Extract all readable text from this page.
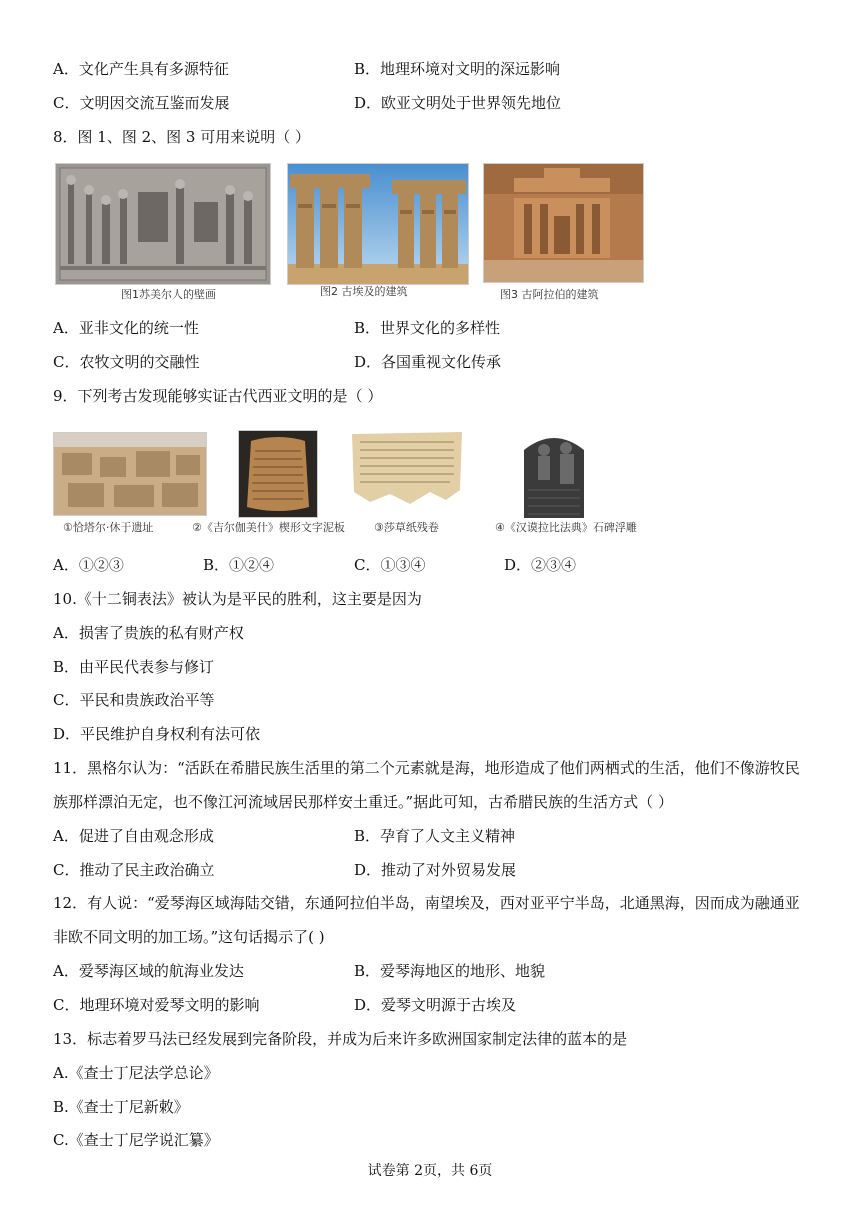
A．文化产生具有多源特征	B．地理环境对文明的深远影响
C．文明因交流互鉴而发展	D．欧亚文明处于世界领先地位
8．图 1、图 2、图 3 可用来说明（ ）
图1苏美尔人的壁画	图2 古埃及的建筑	图3 古阿拉伯的建筑
A．亚非文化的统一性	B．世界文化的多样性
C．农牧文明的交融性	D．各国重视文化传承
9．下列考古发现能够实证古代西亚文明的是（ ）
①恰塔尔·休于遗址	②《吉尔伽美什》楔形文字泥板	③莎草纸残卷	④《汉谟拉比法典》石碑浮雕
A．①②③	B．①②④	C．①③④	D．②③④
10.《十二铜表法》被认为是平民的胜利，这主要是因为
A．损害了贵族的私有财产权
B．由平民代表参与修订
C．平民和贵族政治平等
D．平民维护自身权利有法可依
11．黑格尔认为：“活跃在希腊民族生活里的第二个元素就是海，地形造成了他们两栖式的生活，他们不像游牧民
族那样漂泊无定，也不像江河流域居民那样安土重迁。”据此可知，古希腊民族的生活方式（ ）
A．促进了自由观念形成	B．孕育了人文主义精神
C．推动了民主政治确立	D．推动了对外贸易发展
12．有人说：“爱琴海区域海陆交错，东通阿拉伯半岛，南望埃及，西对亚平宁半岛，北通黑海，因而成为融通亚
非欧不同文明的加工场。”这句话揭示了( )
A．爱琴海区域的航海业发达	B．爱琴海地区的地形、地貌
C．地理环境对爱琴文明的影响	D．爱琴文明源于古埃及
13．标志着罗马法已经发展到完备阶段，并成为后来许多欧洲国家制定法律的蓝本的是
A.《查士丁尼法学总论》
B.《查士丁尼新敕》
C.《查士丁尼学说汇纂》
试卷第 2页，共 6页
